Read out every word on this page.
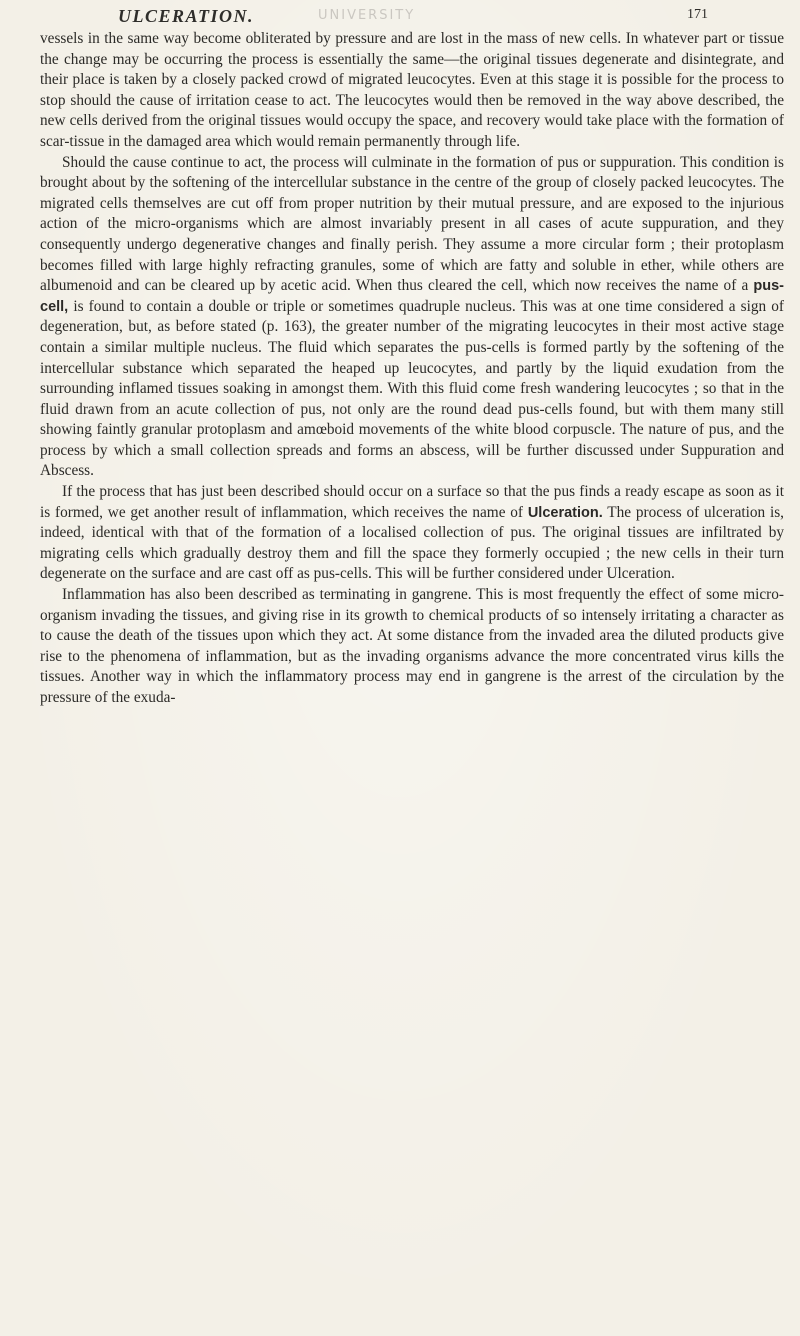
ULCERATION.	UNIVERSITY	171

vessels in the same way become obliterated by pressure and are lost in the mass of new cells. In whatever part or tissue the change may be occurring the process is essentially the same—the original tissues degenerate and disintegrate, and their place is taken by a closely packed crowd of migrated leucocytes. Even at this stage it is possible for the process to stop should the cause of irritation cease to act. The leucocytes would then be removed in the way above described, the new cells derived from the original tissues would occupy the space, and recovery would take place with the formation of scar-tissue in the damaged area which would remain permanently through life.

Should the cause continue to act, the process will culminate in the formation of pus or suppuration. This condition is brought about by the softening of the intercellular substance in the centre of the group of closely packed leucocytes. The migrated cells themselves are cut off from proper nutrition by their mutual pressure, and are exposed to the injurious action of the micro-organisms which are almost invariably present in all cases of acute suppuration, and they consequently undergo degenerative changes and finally perish. They assume a more circular form ; their protoplasm becomes filled with large highly refracting granules, some of which are fatty and soluble in ether, while others are albumenoid and can be cleared up by acetic acid. When thus cleared the cell, which now receives the name of a pus-cell, is found to contain a double or triple or sometimes quadruple nucleus. This was at one time considered a sign of degeneration, but, as before stated (p. 163), the greater number of the migrating leucocytes in their most active stage contain a similar multiple nucleus. The fluid which separates the pus-cells is formed partly by the softening of the intercellular substance which separated the heaped up leucocytes, and partly by the liquid exudation from the surrounding inflamed tissues soaking in amongst them. With this fluid come fresh wandering leucocytes ; so that in the fluid drawn from an acute collection of pus, not only are the round dead pus-cells found, but with them many still showing faintly granular protoplasm and amœboid movements of the white blood corpuscle. The nature of pus, and the process by which a small collection spreads and forms an abscess, will be further discussed under Suppuration and Abscess.

If the process that has just been described should occur on a surface so that the pus finds a ready escape as soon as it is formed, we get another result of inflammation, which receives the name of Ulceration. The process of ulceration is, indeed, identical with that of the formation of a localised collection of pus. The original tissues are infiltrated by migrating cells which gradually destroy them and fill the space they formerly occupied ; the new cells in their turn degenerate on the surface and are cast off as pus-cells. This will be further considered under Ulceration.

Inflammation has also been described as terminating in gangrene. This is most frequently the effect of some micro-organism invading the tissues, and giving rise in its growth to chemical products of so intensely irritating a character as to cause the death of the tissues upon which they act. At some distance from the invaded area the diluted products give rise to the phenomena of inflammation, but as the invading organisms advance the more concentrated virus kills the tissues. Another way in which the inflammatory process may end in gangrene is the arrest of the circulation by the pressure of the exuda-
